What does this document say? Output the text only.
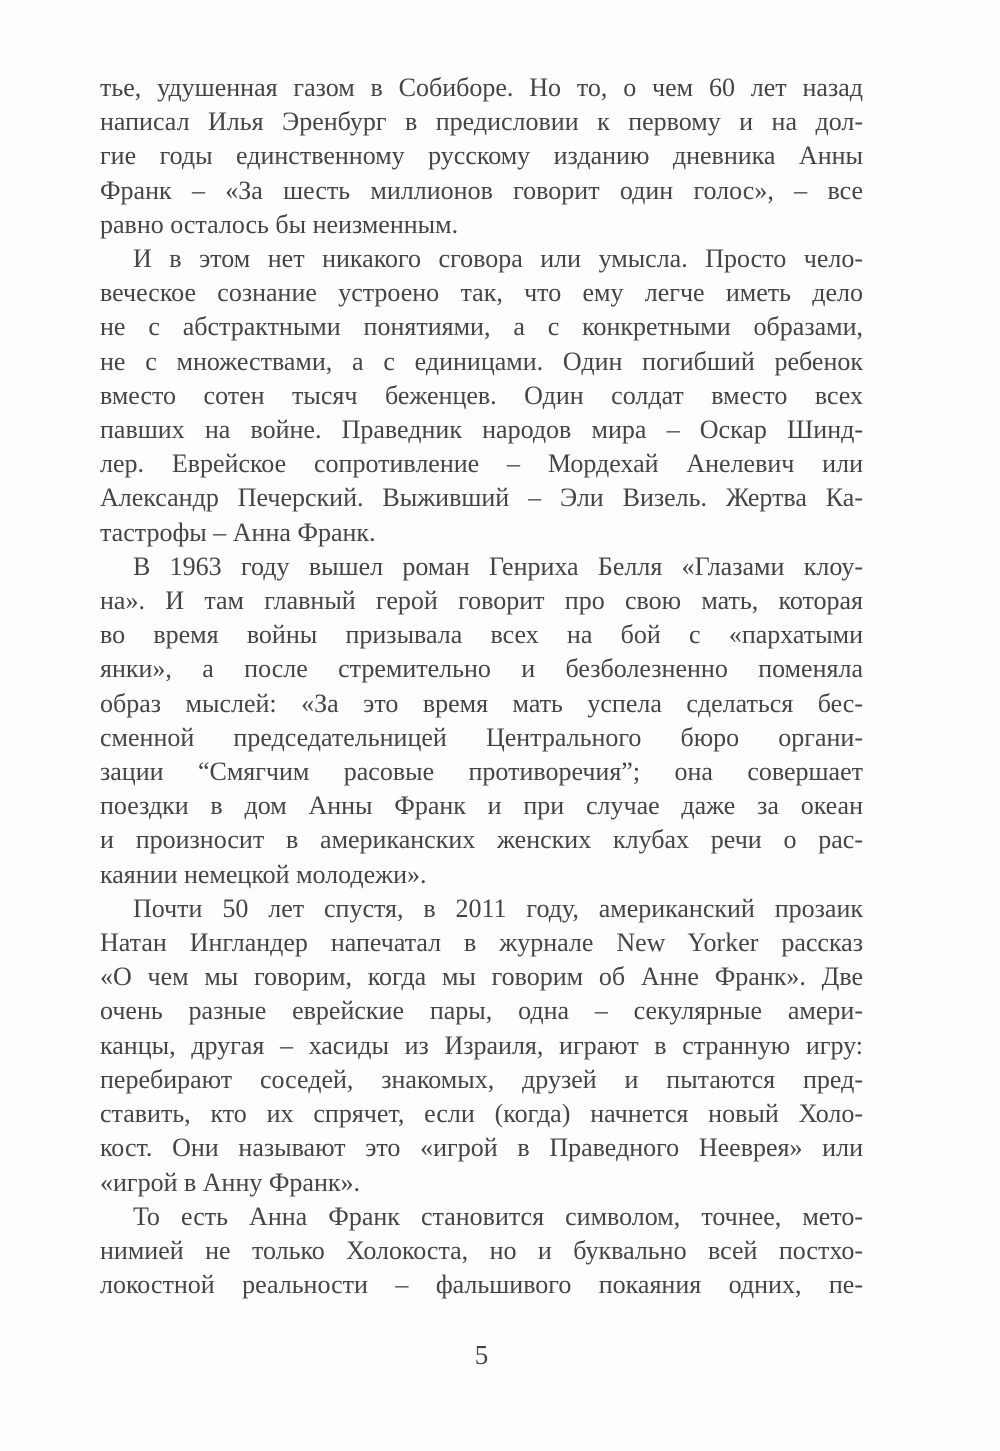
тье, удушенная газом в Собиборе. Но то, о чем 60 лет назад
написал Илья Эренбург в предисловии к первому и на дол-
гие годы единственному русскому изданию дневника Анны
Франк – «За шесть миллионов говорит один голос», – все
равно осталось бы неизменным.

И в этом нет никакого сговора или умысла. Просто чело-
веческое сознание устроено так, что ему легче иметь дело
не с абстрактными понятиями, а с конкретными образами,
не с множествами, а с единицами. Один погибший ребенок
вместо сотен тысяч беженцев. Один солдат вместо всех
павших на войне. Праведник народов мира – Оскар Шинд-
лер. Еврейское сопротивление – Мордехай Анелевич или
Александр Печерский. Выживший – Эли Визель. Жертва Ка-
тастрофы – Анна Франк.

В 1963 году вышел роман Генриха Белля «Глазами клоу-
на». И там главный герой говорит про свою мать, которая
во время войны призывала всех на бой с «пархатыми
янки», а после стремительно и безболезненно поменяла
образ мыслей: «За это время мать успела сделаться бес-
сменной председательницей Центрального бюро органи-
зации “Смягчим расовые противоречия”; она совершает
поездки в дом Анны Франк и при случае даже за океан
и произносит в американских женских клубах речи о рас-
каянии немецкой молодежи».

Почти 50 лет спустя, в 2011 году, американский прозаик
Натан Ингландер напечатал в журнале New Yorker рассказ
«О чем мы говорим, когда мы говорим об Анне Франк». Две
очень разные еврейские пары, одна – секулярные амери-
канцы, другая – хасиды из Израиля, играют в странную игру:
перебирают соседей, знакомых, друзей и пытаются пред-
ставить, кто их спрячет, если (когда) начнется новый Холо-
кост. Они называют это «игрой в Праведного Нееврея» или
«игрой в Анну Франк».

То есть Анна Франк становится символом, точнее, мето-
нимией не только Холокоста, но и буквально всей постхо-
локостной реальности – фальшивого покаяния одних, пе-

5
